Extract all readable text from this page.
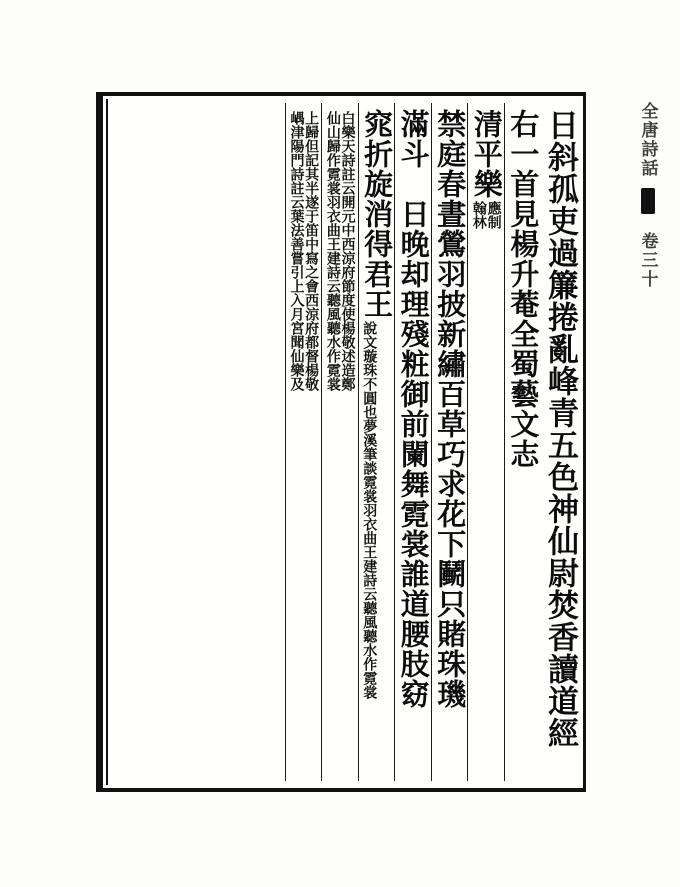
全唐詩話
卷三十
日斜孤吏過簾捲亂峰青五色神仙尉焚香讀道經
右一首見楊升菴全蜀藝文志
清平樂
翰林
應制
禁庭春晝鶯羽披新繡百草巧求花下鬭只賭珠璣
滿斗　日晚却理殘粧御前闌舞霓裳誰道腰肢窈
窕折旋消得君王
說文璇珠不圓也夢溪筆談霓裳羽衣曲王建詩云聽風聽水作霓裳
仙山歸作霓裳羽衣曲王建詩云聽風聽水作霓裳
白樂天詩註云開元中西涼府節度使楊敬述造鄭
嵎津陽門詩註云葉法善嘗引上入月宮聞仙樂及
上歸但記其半遂于笛中寫之會西涼府都督楊敬
